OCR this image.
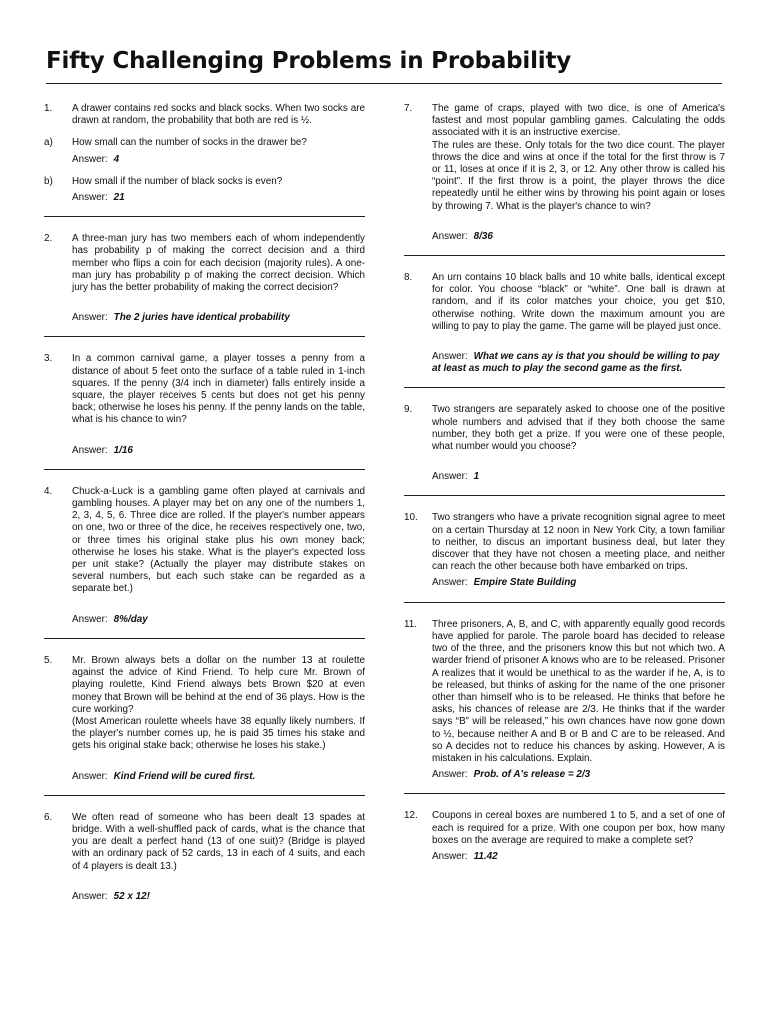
Fifty Challenging Problems in Probability
1. A drawer contains red socks and black socks. When two socks are drawn at random, the probability that both are red is ½.

a) How small can the number of socks in the drawer be?

Answer: 4
b) How small if the number of black socks is even?

Answer: 21
2. A three-man jury has two members each of whom independently has probability p of making the correct decision and a third member who flips a coin for each decision (majority rules). A one-man jury has probability p of making the correct decision. Which jury has the better probability of making the correct decision?

Answer: The 2 juries have identical probability
3. In a common carnival game, a player tosses a penny from a distance of about 5 feet onto the surface of a table ruled in 1-inch squares. If the penny (3/4 inch in diameter) falls entirely inside a square, the player receives 5 cents but does not get his penny back; otherwise he loses his penny. If the penny lands on the table, what is his chance to win?

Answer: 1/16
4. Chuck-a-Luck is a gambling game often played at carnivals and gambling houses. A player may bet on any one of the numbers 1, 2, 3, 4, 5, 6. Three dice are rolled. If the player's number appears on one, two or three of the dice, he receives respectively one, two, or three times his original stake plus his own money back; otherwise he loses his stake. What is the player's expected loss per unit stake? (Actually the player may distribute stakes on several numbers, but each such stake can be regarded as a separate bet.)

Answer: 8%/day
5. Mr. Brown always bets a dollar on the number 13 at roulette against the advice of Kind Friend. To help cure Mr. Brown of playing roulette, Kind Friend always bets Brown $20 at even money that Brown will be behind at the end of 36 plays. How is the cure working?

(Most American roulette wheels have 38 equally likely numbers. If the player's number comes up, he is paid 35 times his stake and gets his original stake back; otherwise he loses his stake.)

Answer: Kind Friend will be cured first.
6. We often read of someone who has been dealt 13 spades at bridge. With a well-shuffled pack of cards, what is the chance that you are dealt a perfect hand (13 of one suit)? (Bridge is played with an ordinary pack of 52 cards, 13 in each of 4 suits, and each of 4 players is dealt 13.)

Answer: 52 x 12!
7. The game of craps, played with two dice, is one of America's fastest and most popular gambling games. Calculating the odds associated with it is an instructive exercise.

The rules are these. Only totals for the two dice count. The player throws the dice and wins at once if the total for the first throw is 7 or 11, loses at once if it is 2, 3, or 12. Any other throw is called his “point”. If the first throw is a point, the player throws the dice repeatedly until he either wins by throwing his point again or loses by throwing 7. What is the player's chance to win?

Answer: 8/36
8. An urn contains 10 black balls and 10 white balls, identical except for color. You choose “black” or “white”. One ball is drawn at random, and if its color matches your choice, you get $10, otherwise nothing. Write down the maximum amount you are willing to pay to play the game. The game will be played just once.

Answer: What we cans ay is that you should be willing to pay at least as much to play the second game as the first.
9. Two strangers are separately asked to choose one of the positive whole numbers and advised that if they both choose the same number, they both get a prize. If you were one of these people, what number would you choose?

Answer: 1
10. Two strangers who have a private recognition signal agree to meet on a certain Thursday at 12 noon in New York City, a town familiar to neither, to discus an important business deal, but later they discover that they have not chosen a meeting place, and neither can reach the other because both have embarked on trips.

Answer: Empire State Building
11. Three prisoners, A, B, and C, with apparently equally good records have applied for parole. The parole board has decided to release two of the three, and the prisoners know this but not which two. A warder friend of prisoner A knows who are to be released. Prisoner A realizes that it would be unethical to as the warder if he, A, is to be released, but thinks of asking for the name of the one prisoner other than himself who is to be released. He thinks that before he asks, his chances of release are 2/3. He thinks that if the warder says “B” will be released,” his own chances have now gone down to ½, because neither A and B or B and C are to be released. And so A decides not to reduce his chances by asking. However, A is mistaken in his calculations. Explain.

Answer: Prob. of A's release = 2/3
12. Coupons in cereal boxes are numbered 1 to 5, and a set of one of each is required for a prize. With one coupon per box, how many boxes on the average are required to make a complete set?

Answer: 11.42
